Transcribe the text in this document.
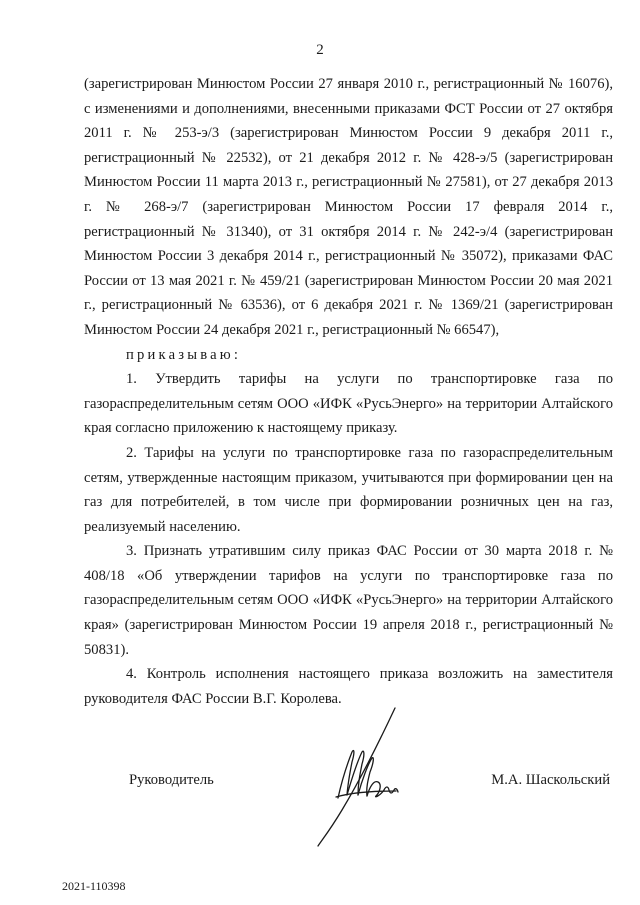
2

(зарегистрирован Минюстом России 27 января 2010 г., регистрационный № 16076), с изменениями и дополнениями, внесенными приказами ФСТ России от 27 октября 2011 г. № 253-э/3 (зарегистрирован Минюстом России 9 декабря 2011 г., регистрационный № 22532), от 21 декабря 2012 г. № 428-э/5 (зарегистрирован Минюстом России 11 марта 2013 г., регистрационный № 27581), от 27 декабря 2013 г. № 268-э/7 (зарегистрирован Минюстом России 17 февраля 2014 г., регистрационный № 31340), от 31 октября 2014 г. № 242-э/4 (зарегистрирован Минюстом России 3 декабря 2014 г., регистрационный № 35072), приказами ФАС России от 13 мая 2021 г. № 459/21 (зарегистрирован Минюстом России 20 мая 2021 г., регистрационный № 63536), от 6 декабря 2021 г. № 1369/21 (зарегистрирован Минюстом России 24 декабря 2021 г., регистрационный № 66547),

приказываю:

1. Утвердить тарифы на услуги по транспортировке газа по газораспределительным сетям ООО «ИФК «РусьЭнерго» на территории Алтайского края согласно приложению к настоящему приказу.

2. Тарифы на услуги по транспортировке газа по газораспределительным сетям, утвержденные настоящим приказом, учитываются при формировании цен на газ для потребителей, в том числе при формировании розничных цен на газ, реализуемый населению.

3. Признать утратившим силу приказ ФАС России от 30 марта 2018 г. № 408/18 «Об утверждении тарифов на услуги по транспортировке газа по газораспределительным сетям ООО «ИФК «РусьЭнерго» на территории Алтайского края» (зарегистрирован Минюстом России 19 апреля 2018 г., регистрационный № 50831).

4. Контроль исполнения настоящего приказа возложить на заместителя руководителя ФАС России В.Г. Королева.

Руководитель	М.А. Шаскольский
2021-110398
